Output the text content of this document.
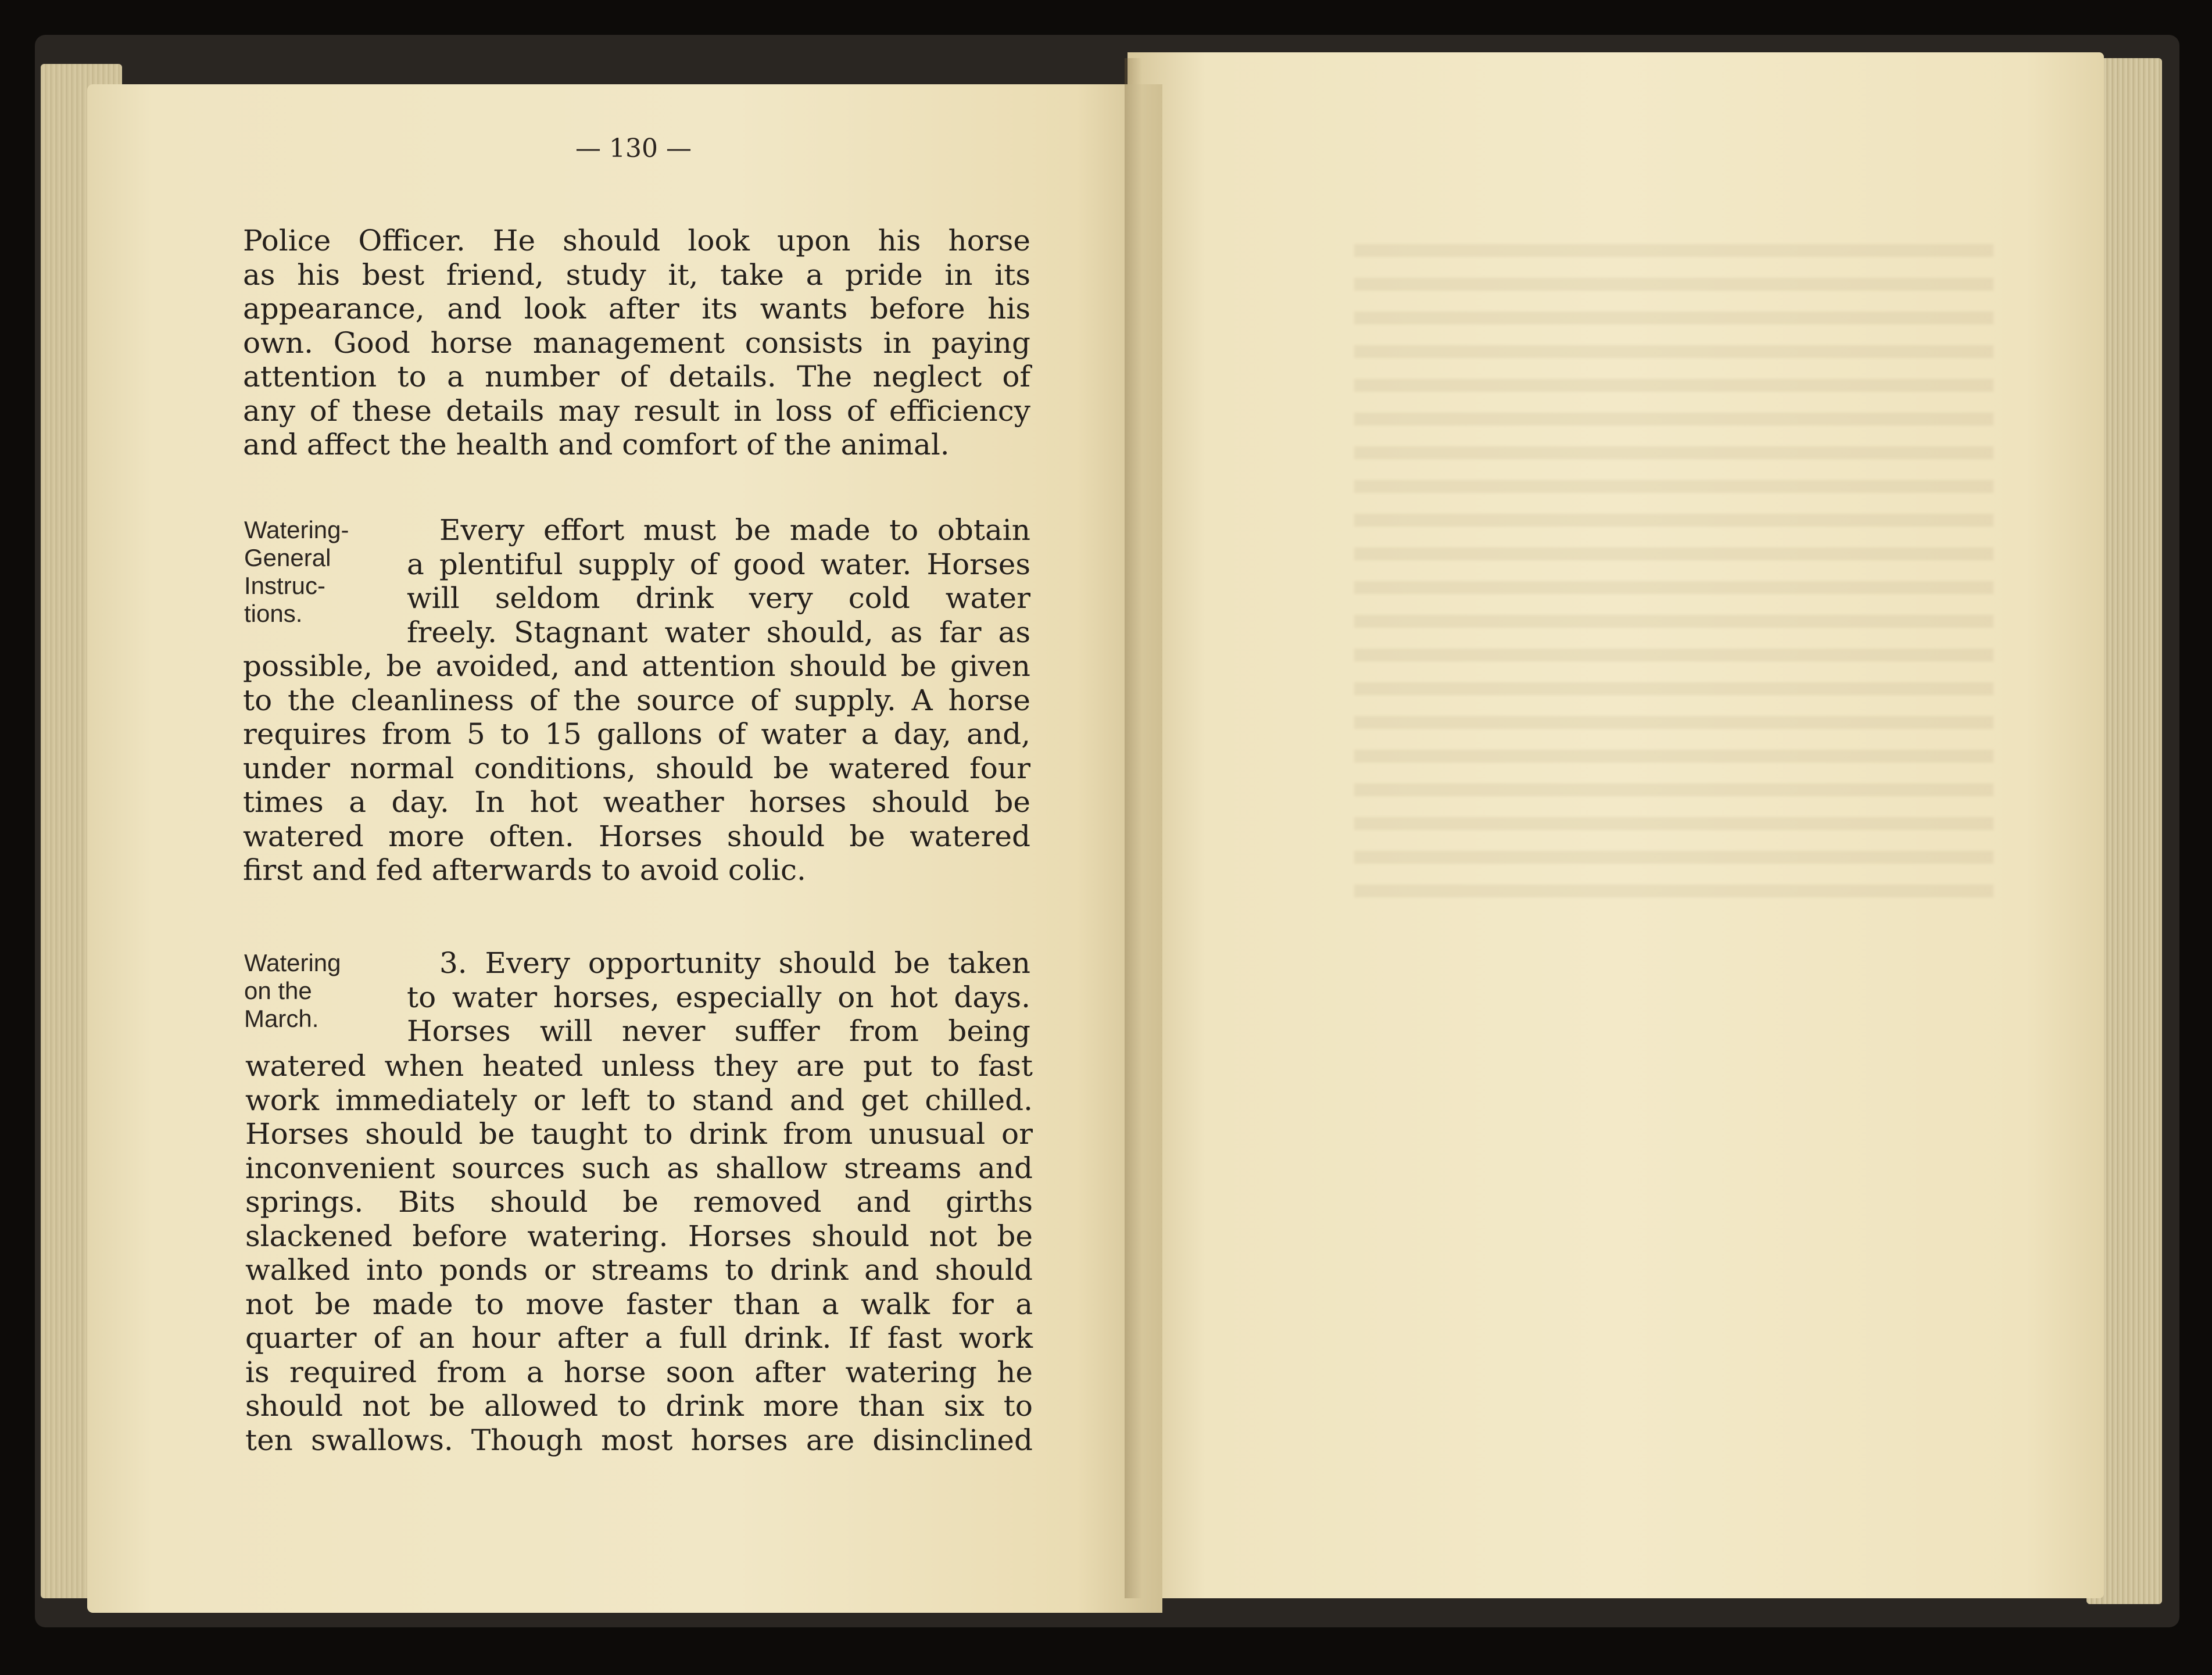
— 130 —
Police Officer. He should look upon his horse
as his best friend, study it, take a pride in its
appearance, and look after its wants before his
own. Good horse management consists in paying
attention to a number of details. The neglect of
any of these details may result in loss of efficiency
and affect the health and comfort of the animal.
Watering-
General
Instruc-
tions.
Every effort must be made to obtain
a plentiful supply of good water. Horses
will seldom drink very cold water
freely. Stagnant water should, as far as
possible, be avoided, and attention should be given
to the cleanliness of the source of supply. A horse
requires from 5 to 15 gallons of water a day, and,
under normal conditions, should be watered four
times a day. In hot weather horses should be
watered more often. Horses should be watered
first and fed afterwards to avoid colic.
Watering
on the
March.
3. Every opportunity should be taken
to water horses, especially on hot days.
Horses will never suffer from being
watered when heated unless they are put to fast
work immediately or left to stand and get chilled.
Horses should be taught to drink from unusual or
inconvenient sources such as shallow streams and
springs. Bits should be removed and girths
slackened before watering. Horses should not be
walked into ponds or streams to drink and should
not be made to move faster than a walk for a
quarter of an hour after a full drink. If fast work
is required from a horse soon after watering he
should not be allowed to drink more than six to
ten swallows. Though most horses are disinclined
